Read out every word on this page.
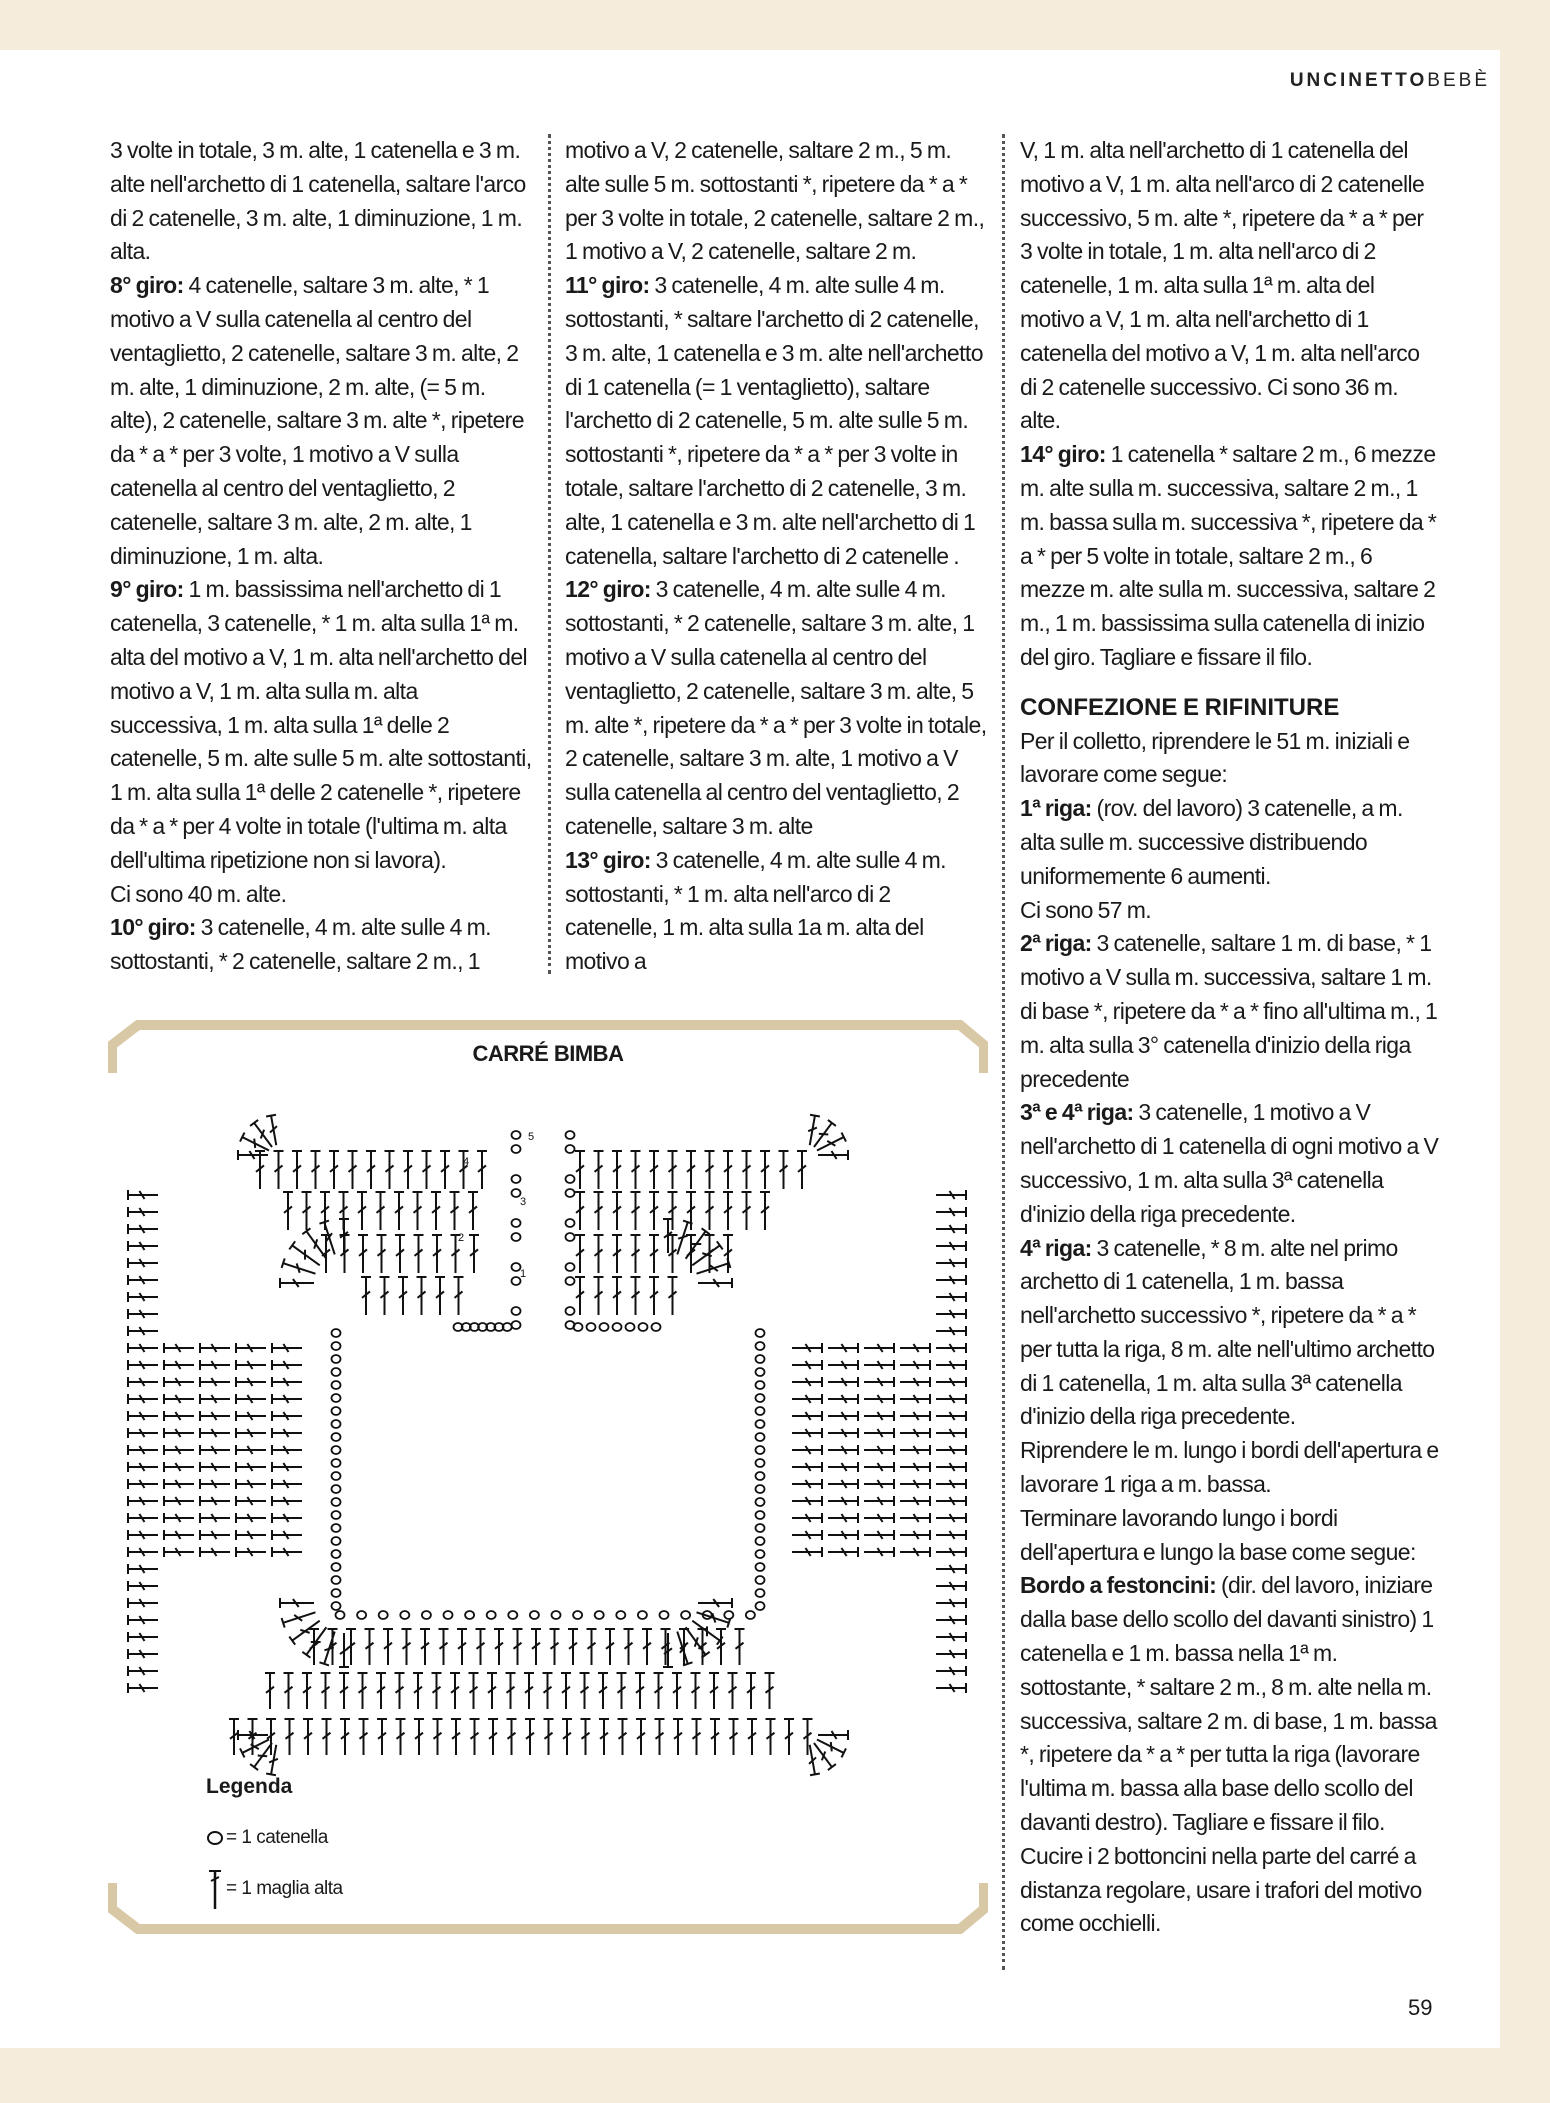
UNCINETTOBEBÈ

3 volte in totale, 3 m. alte, 1 catenella e 3 m. alte nell'archetto di 1 catenella, saltare l'arco di 2 catenelle, 3 m. alte, 1 diminuzione, 1 m. alta.

8° giro: 4 catenelle, saltare 3 m. alte, * 1 motivo a V sulla catenella al centro del ventaglietto, 2 catenelle, saltare 3 m. alte, 2 m. alte, 1 diminuzione, 2 m. alte, (= 5 m. alte), 2 catenelle, saltare 3 m. alte *, ripetere da * a * per 3 volte, 1 motivo a V sulla catenella al centro del ventaglietto, 2 catenelle, saltare 3 m. alte, 2 m. alte, 1 diminuzione, 1 m. alta.

9° giro: 1 m. bassissima nell'archetto di 1 catenella, 3 catenelle, * 1 m. alta sulla 1ª m. alta del motivo a V, 1 m. alta nell'archetto del motivo a V, 1 m. alta sulla m. alta successiva, 1 m. alta sulla 1ª delle 2 catenelle, 5 m. alte sulle 5 m. alte sottostanti, 1 m. alta sulla 1ª delle 2 catenelle *, ripetere da * a * per 4 volte in totale (l'ultima m. alta dell'ultima ripetizione non si lavora).

Ci sono 40 m. alte.

10° giro: 3 catenelle, 4 m. alte sulle 4 m. sottostanti, * 2 catenelle, saltare 2 m., 1

motivo a V, 2 catenelle, saltare 2 m., 5 m. alte sulle 5 m. sottostanti *, ripetere da * a * per 3 volte in totale, 2 catenelle, saltare 2 m., 1 motivo a V, 2 catenelle, saltare 2 m.

11° giro: 3 catenelle, 4 m. alte sulle 4 m. sottostanti, * saltare l'archetto di 2 catenelle, 3 m. alte, 1 catenella e 3 m. alte nell'archetto di 1 catenella (= 1 ventaglietto), saltare l'archetto di 2 catenelle, 5 m. alte sulle 5 m. sottostanti *, ripetere da * a * per 3 volte in totale, saltare l'archetto di 2 catenelle, 3 m. alte, 1 catenella e 3 m. alte nell'archetto di 1 catenella, saltare l'archetto di 2 catenelle .

12° giro: 3 catenelle, 4 m. alte sulle 4 m. sottostanti, * 2 catenelle, saltare 3 m. alte, 1 motivo a V sulla catenella al centro del ventaglietto, 2 catenelle, saltare 3 m. alte, 5 m. alte *, ripetere da * a * per 3 volte in totale, 2 catenelle, saltare 3 m. alte, 1 motivo a V sulla catenella al centro del ventaglietto, 2 catenelle, saltare 3 m. alte

13° giro: 3 catenelle, 4 m. alte sulle 4 m. sottostanti, * 1 m. alta nell'arco di 2 catenelle, 1 m. alta sulla 1a m. alta del motivo a

V, 1 m. alta nell'archetto di 1 catenella del motivo a V, 1 m. alta nell'arco di 2 catenelle successivo, 5 m. alte *, ripetere da * a * per 3 volte in totale, 1 m. alta nell'arco di 2 catenelle, 1 m. alta sulla 1ª m. alta del motivo a V, 1 m. alta nell'archetto di 1 catenella del motivo a V, 1 m. alta nell'arco di 2 catenelle successivo. Ci sono 36 m. alte.

14° giro: 1 catenella * saltare 2 m., 6 mezze m. alte sulla m. successiva, saltare 2 m., 1 m. bassa sulla m. successiva *, ripetere da * a * per 5 volte in totale, saltare 2 m., 6 mezze m. alte sulla m. successiva, saltare 2 m., 1 m. bassissima sulla catenella di inizio del giro. Tagliare e fissare il filo.

CONFEZIONE E RIFINITURE

Per il colletto, riprendere le 51 m. iniziali e lavorare come segue:

1ª riga: (rov. del lavoro) 3 catenelle, a m. alta sulle m. successive distribuendo uniformemente 6 aumenti.

Ci sono 57 m.

2ª riga: 3 catenelle, saltare 1 m. di base, * 1 motivo a V sulla m. successiva, saltare 1 m. di base *, ripetere da * a * fino all'ultima m., 1 m. alta sulla 3° catenella d'inizio della riga precedente

3ª e 4ª riga: 3 catenelle, 1 motivo a V nell'archetto di 1 catenella di ogni motivo a V successivo, 1 m. alta sulla 3ª catenella d'inizio della riga precedente.

4ª riga: 3 catenelle, * 8 m. alte nel primo archetto di 1 catenella, 1 m. bassa nell'archetto successivo *, ripetere da * a * per tutta la riga, 8 m. alte nell'ultimo archetto di 1 catenella, 1 m. alta sulla 3ª catenella d'inizio della riga precedente.

Riprendere le m. lungo i bordi dell'apertura e lavorare 1 riga a m. bassa.

Terminare lavorando lungo i bordi dell'apertura e lungo la base come segue:

Bordo a festoncini: (dir. del lavoro, iniziare dalla base dello scollo del davanti sinistro) 1 catenella e 1 m. bassa nella 1ª m. sottostante, * saltare 2 m., 8 m. alte nella m. successiva, saltare 2 m. di base, 1 m. bassa *, ripetere da * a * per tutta la riga (lavorare l'ultima m. bassa alla base dello scollo del davanti destro). Tagliare e fissare il filo.

Cucire i 2 bottoncini nella parte del carré a distanza regolare, usare i trafori del motivo come occhielli.

CARRÉ BIMBA
1
2
3
4
5
Legenda
= 1 catenella
= 1 maglia alta
59
